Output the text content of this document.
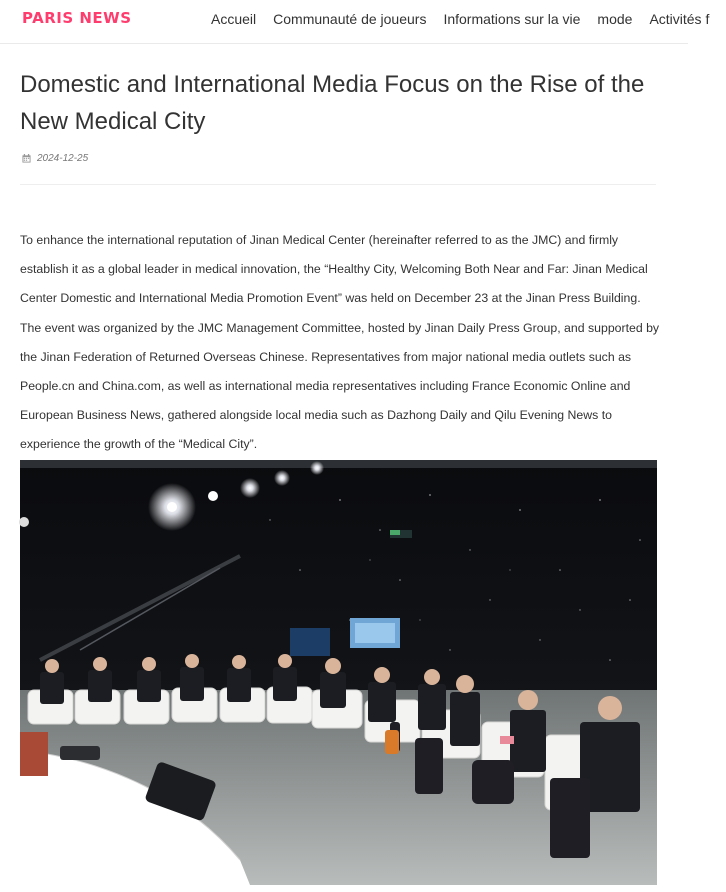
PARIS NEWS	Accueil Communauté de joueurs Informations sur la vie mode Activités f
Domestic and International Media Focus on the Rise of the New Medical City
2024-12-25

To enhance the international reputation of Jinan Medical Center (hereinafter referred to as the JMC) and firmly establish it as a global leader in medical innovation, the “Healthy City, Welcoming Both Near and Far: Jinan Medical Center Domestic and International Media Promotion Event” was held on December 23 at the Jinan Press Building. The event was organized by the JMC Management Committee, hosted by Jinan Daily Press Group, and supported by the Jinan Federation of Returned Overseas Chinese. Representatives from major national media outlets such as People.cn and China.com, as well as international media representatives including France Economic Online and European Business News, gathered alongside local media such as Dazhong Daily and Qilu Evening News to experience the growth of the “Medical City”.
